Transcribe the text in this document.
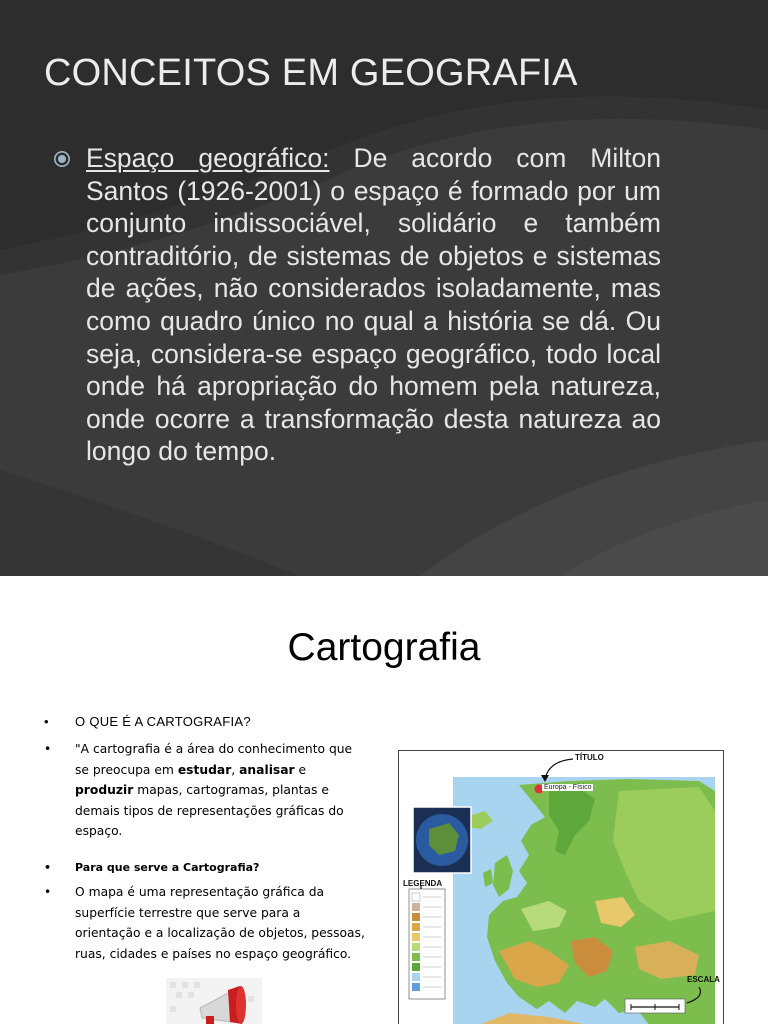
CONCEITOS EM GEOGRAFIA

Espaço geográfico: De acordo com Milton Santos (1926-2001) o espaço é formado por um conjunto indissociável, solidário e também contraditório, de sistemas de objetos e sistemas de ações, não considerados isoladamente, mas como quadro único no qual a história se dá. Ou seja, considera-se espaço geográfico, todo local onde há apropriação do homem pela natureza, onde ocorre a transformação desta natureza ao longo do tempo.

Cartografia
• O QUE É A CARTOGRAFIA?
• "A cartografia é a área do conhecimento que se preocupa em estudar, analisar e produzir mapas, cartogramas, plantas e demais tipos de representações gráficas do espaço.
• Para que serve a Cartografia?
• O mapa é uma representação gráfica da superfície terrestre que serve para a orientação e a localização de objetos, pessoas, ruas, cidades e países no espaço geográfico.
TÍTULO
Europa - Físico
LEGENDA
ESCALA
